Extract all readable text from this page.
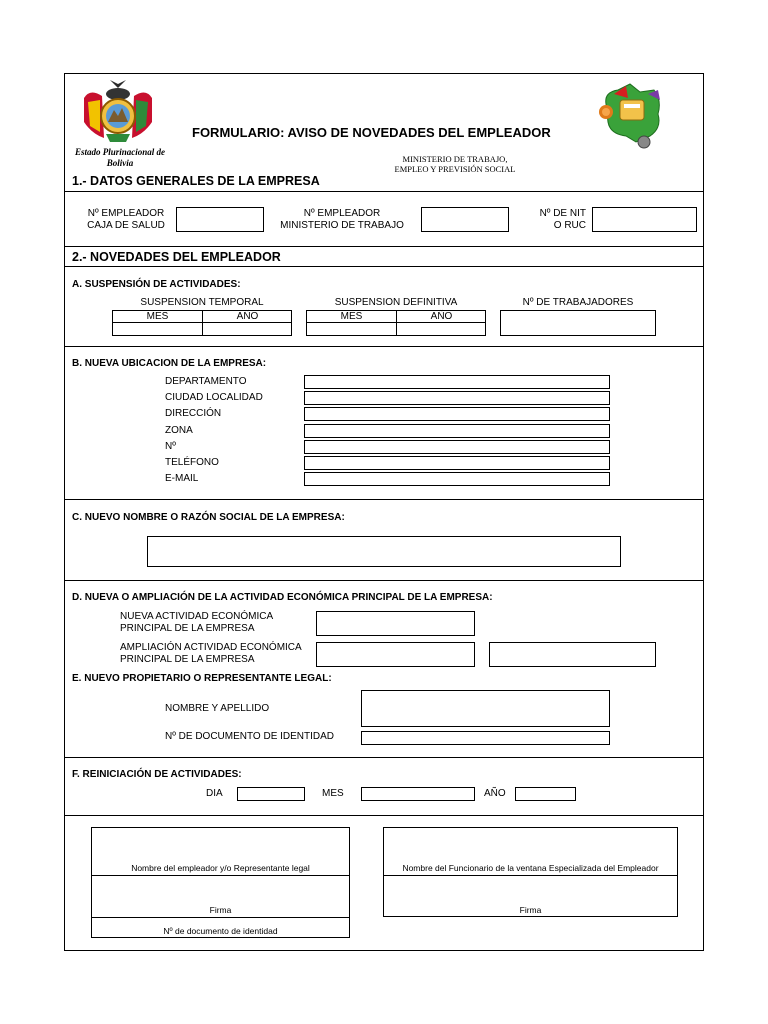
Estado Plurinacional de
Bolivia
FORMULARIO: AVISO DE NOVEDADES DEL EMPLEADOR
MINISTERIO DE TRABAJO,
EMPLEO Y PREVISIÓN SOCIAL
1.- DATOS GENERALES DE LA EMPRESA
Nº EMPLEADOR
CAJA DE SALUD
Nº EMPLEADOR
MINISTERIO DE TRABAJO
Nº DE NIT
O RUC
2.- NOVEDADES DEL EMPLEADOR
A. SUSPENSIÓN DE ACTIVIDADES:
SUSPENSION TEMPORAL	SUSPENSION DEFINITIVA	Nº DE TRABAJADORES
MES	AÑO	MES	AÑO
B. NUEVA UBICACION DE LA EMPRESA:
DEPARTAMENTO
CIUDAD LOCALIDAD
DIRECCIÓN
ZONA
Nº
TELÉFONO
E-MAIL
C. NUEVO NOMBRE O RAZÓN SOCIAL DE LA EMPRESA:
D. NUEVA O AMPLIACIÓN DE LA ACTIVIDAD ECONÓMICA PRINCIPAL DE LA EMPRESA:
NUEVA ACTIVIDAD ECONÓMICA
PRINCIPAL DE LA EMPRESA
AMPLIACIÓN ACTIVIDAD ECONÓMICA
PRINCIPAL DE LA EMPRESA
E. NUEVO PROPIETARIO O REPRESENTANTE LEGAL:
NOMBRE Y APELLIDO
Nº DE DOCUMENTO DE IDENTIDAD
F. REINICIACIÓN DE ACTIVIDADES:
DIA	MES	AÑO
Nombre del empleador y/o Representante legal
Firma
Nº de documento de identidad
Nombre del Funcionario de la ventana Especializada del Empleador
Firma
